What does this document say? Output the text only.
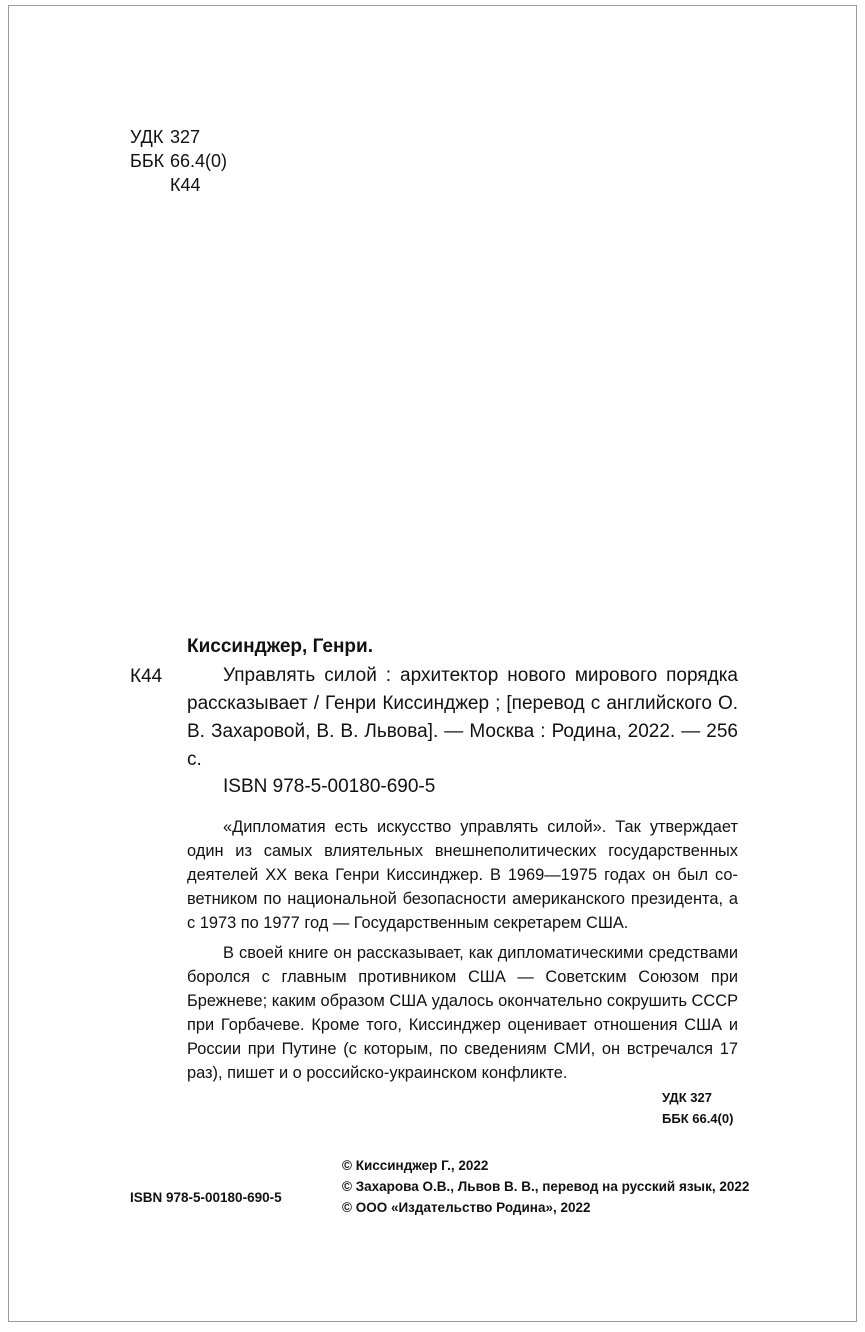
УДК 327
ББК 66.4(0)
К44
Киссинджер, Генри.
К44	Управлять силой : архитектор нового мирового порядка рассказывает / Генри Киссинджер ; [перевод с английского О. В. Захаровой, В. В. Львова]. — Москва : Родина, 2022. — 256 с.

ISBN 978-5-00180-690-5

«Дипломатия есть искусство управлять силой». Так утверждает один из самых влиятельных внешнеполитических государственных деятелей XX века Генри Киссинджер. В 1969—1975 годах он был советником по национальной безопасности американского президента, а с 1973 по 1977 год — Государственным секретарем США.

В своей книге он рассказывает, как дипломатическими средствами боролся с главным противником США — Советским Союзом при Брежневе; каким образом США удалось окончательно сокрушить СССР при Горбачеве. Кроме того, Киссинджер оценивает отношения США и России при Путине (с которым, по сведениям СМИ, он встречался 17 раз), пишет и о российско-украинском конфликте.

УДК 327
ББК 66.4(0)
ISBN 978-5-00180-690-5
© Киссинджер Г., 2022
© Захарова О.В., Львов В. В., перевод на русский язык, 2022
© ООО «Издательство Родина», 2022
